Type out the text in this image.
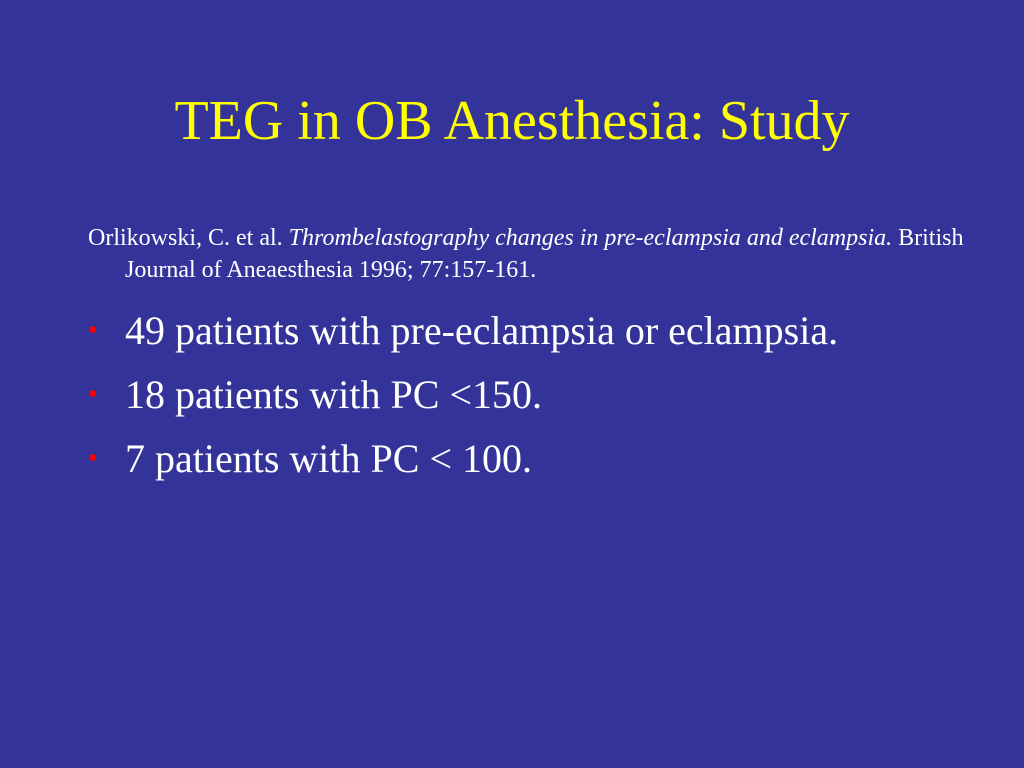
TEG in OB Anesthesia: Study
Orlikowski, C. et al. Thrombelastography changes in pre-eclampsia and eclampsia. British Journal of Aneaesthesia 1996; 77:157-161.
• 49 patients with pre-eclampsia or eclampsia.
• 18 patients with PC <150.
• 7 patients with PC < 100.
